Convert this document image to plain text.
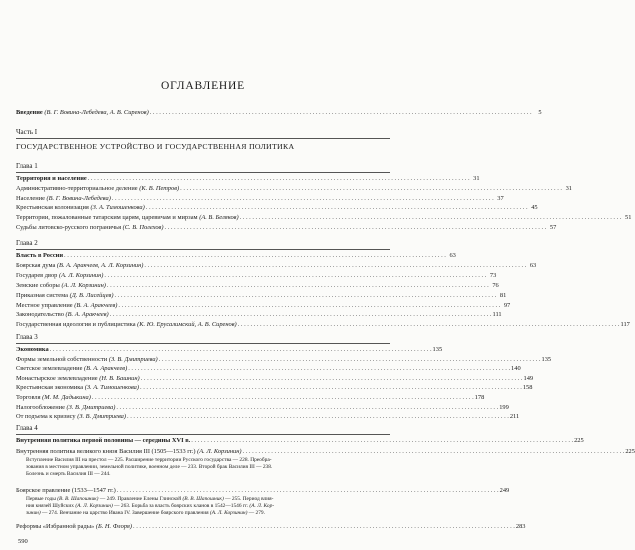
ОГЛАВЛЕНИЕ
Введение (В. Г. Вовина-Лебедева, А. В. Сиренов) . . .	5
Часть I
ГОСУДАРСТВЕННОЕ УСТРОЙСТВО И ГОСУДАРСТВЕННАЯ ПОЛИТИКА
Глава 1
Территория и население . . .	31
Административно-территориальное деление (К. В. Петров) . . .	31
Население (В. Г. Вовина-Лебедева) . . .	37
Крестьянская колонизация (З. А. Тимошенкова) . . .	45
Территории, пожалованные татарским царям, царевичам и мирзам (А. В. Беляков) . . .	51
Судьбы литовско-русского пограничья (С. В. Полехов) . . .	57
Глава 2
Власть в России . . .	63
Боярская дума (В. А. Аракчеев, А. Л. Корзинин) . . .	63
Государев двор (А. Л. Корзинин) . . .	73
Земские соборы (А. Л. Корзинин) . . .	76
Приказная система (Д. В. Лисейцев) . . .	81
Местное управление (В. А. Аракчеев) . . .	97
Законодательство (В. А. Аракчеев) . . .	111
Государственная идеология и публицистика (К. Ю. Ерусалимский, А. В. Сиренов) . . .	117
Глава 3
Экономика . . .	135
Формы земельной собственности (З. В. Дмитриева) . . .	135
Светское землевладение (В. А. Аракчеев) . . .	140
Монастырское землевладение (Н. В. Башнин) . . .	149
Крестьянская экономика (З. А. Тимошенкова) . . .	158
Торговля (М. М. Дадыкина) . . .	178
Налогообложение (З. В. Дмитриева) . . .	199
От подъема к кризису (З. В. Дмитриева) . . .	211
Глава 4
Внутренняя политика первой половины — середины XVI в. . . .	225
Внутренняя политика великого князя Василия III (1505—1533 гг.) (А. Л. Корзинин) . . .	225
Вступление Василия III на престол — 225. Расширение территории Русского государства — 228. Преобра-
зования в местном управлении, земельной политике, военном деле — 233. Второй брак Василия III — 238.
Болезнь и смерть Василия III — 244.
Боярское правление (1533—1547 гг.) . . .	249
Первые годы (В. В. Шапошник) — 249. Правление Елены Глинской (В. В. Шапошник) — 255. Период влия-
ния князей Шуйских (А. Л. Корзинин) — 263. Борьба за власть боярских кланов в 1542—1546 гг. (А. Л. Кор-
зинин) — 274. Венчание на царство Ивана IV. Завершение боярского правления (А. Л. Корзинин) — 279.
Реформы «Избранной рады» (Б. Н. Флоря) . . .	283
590
